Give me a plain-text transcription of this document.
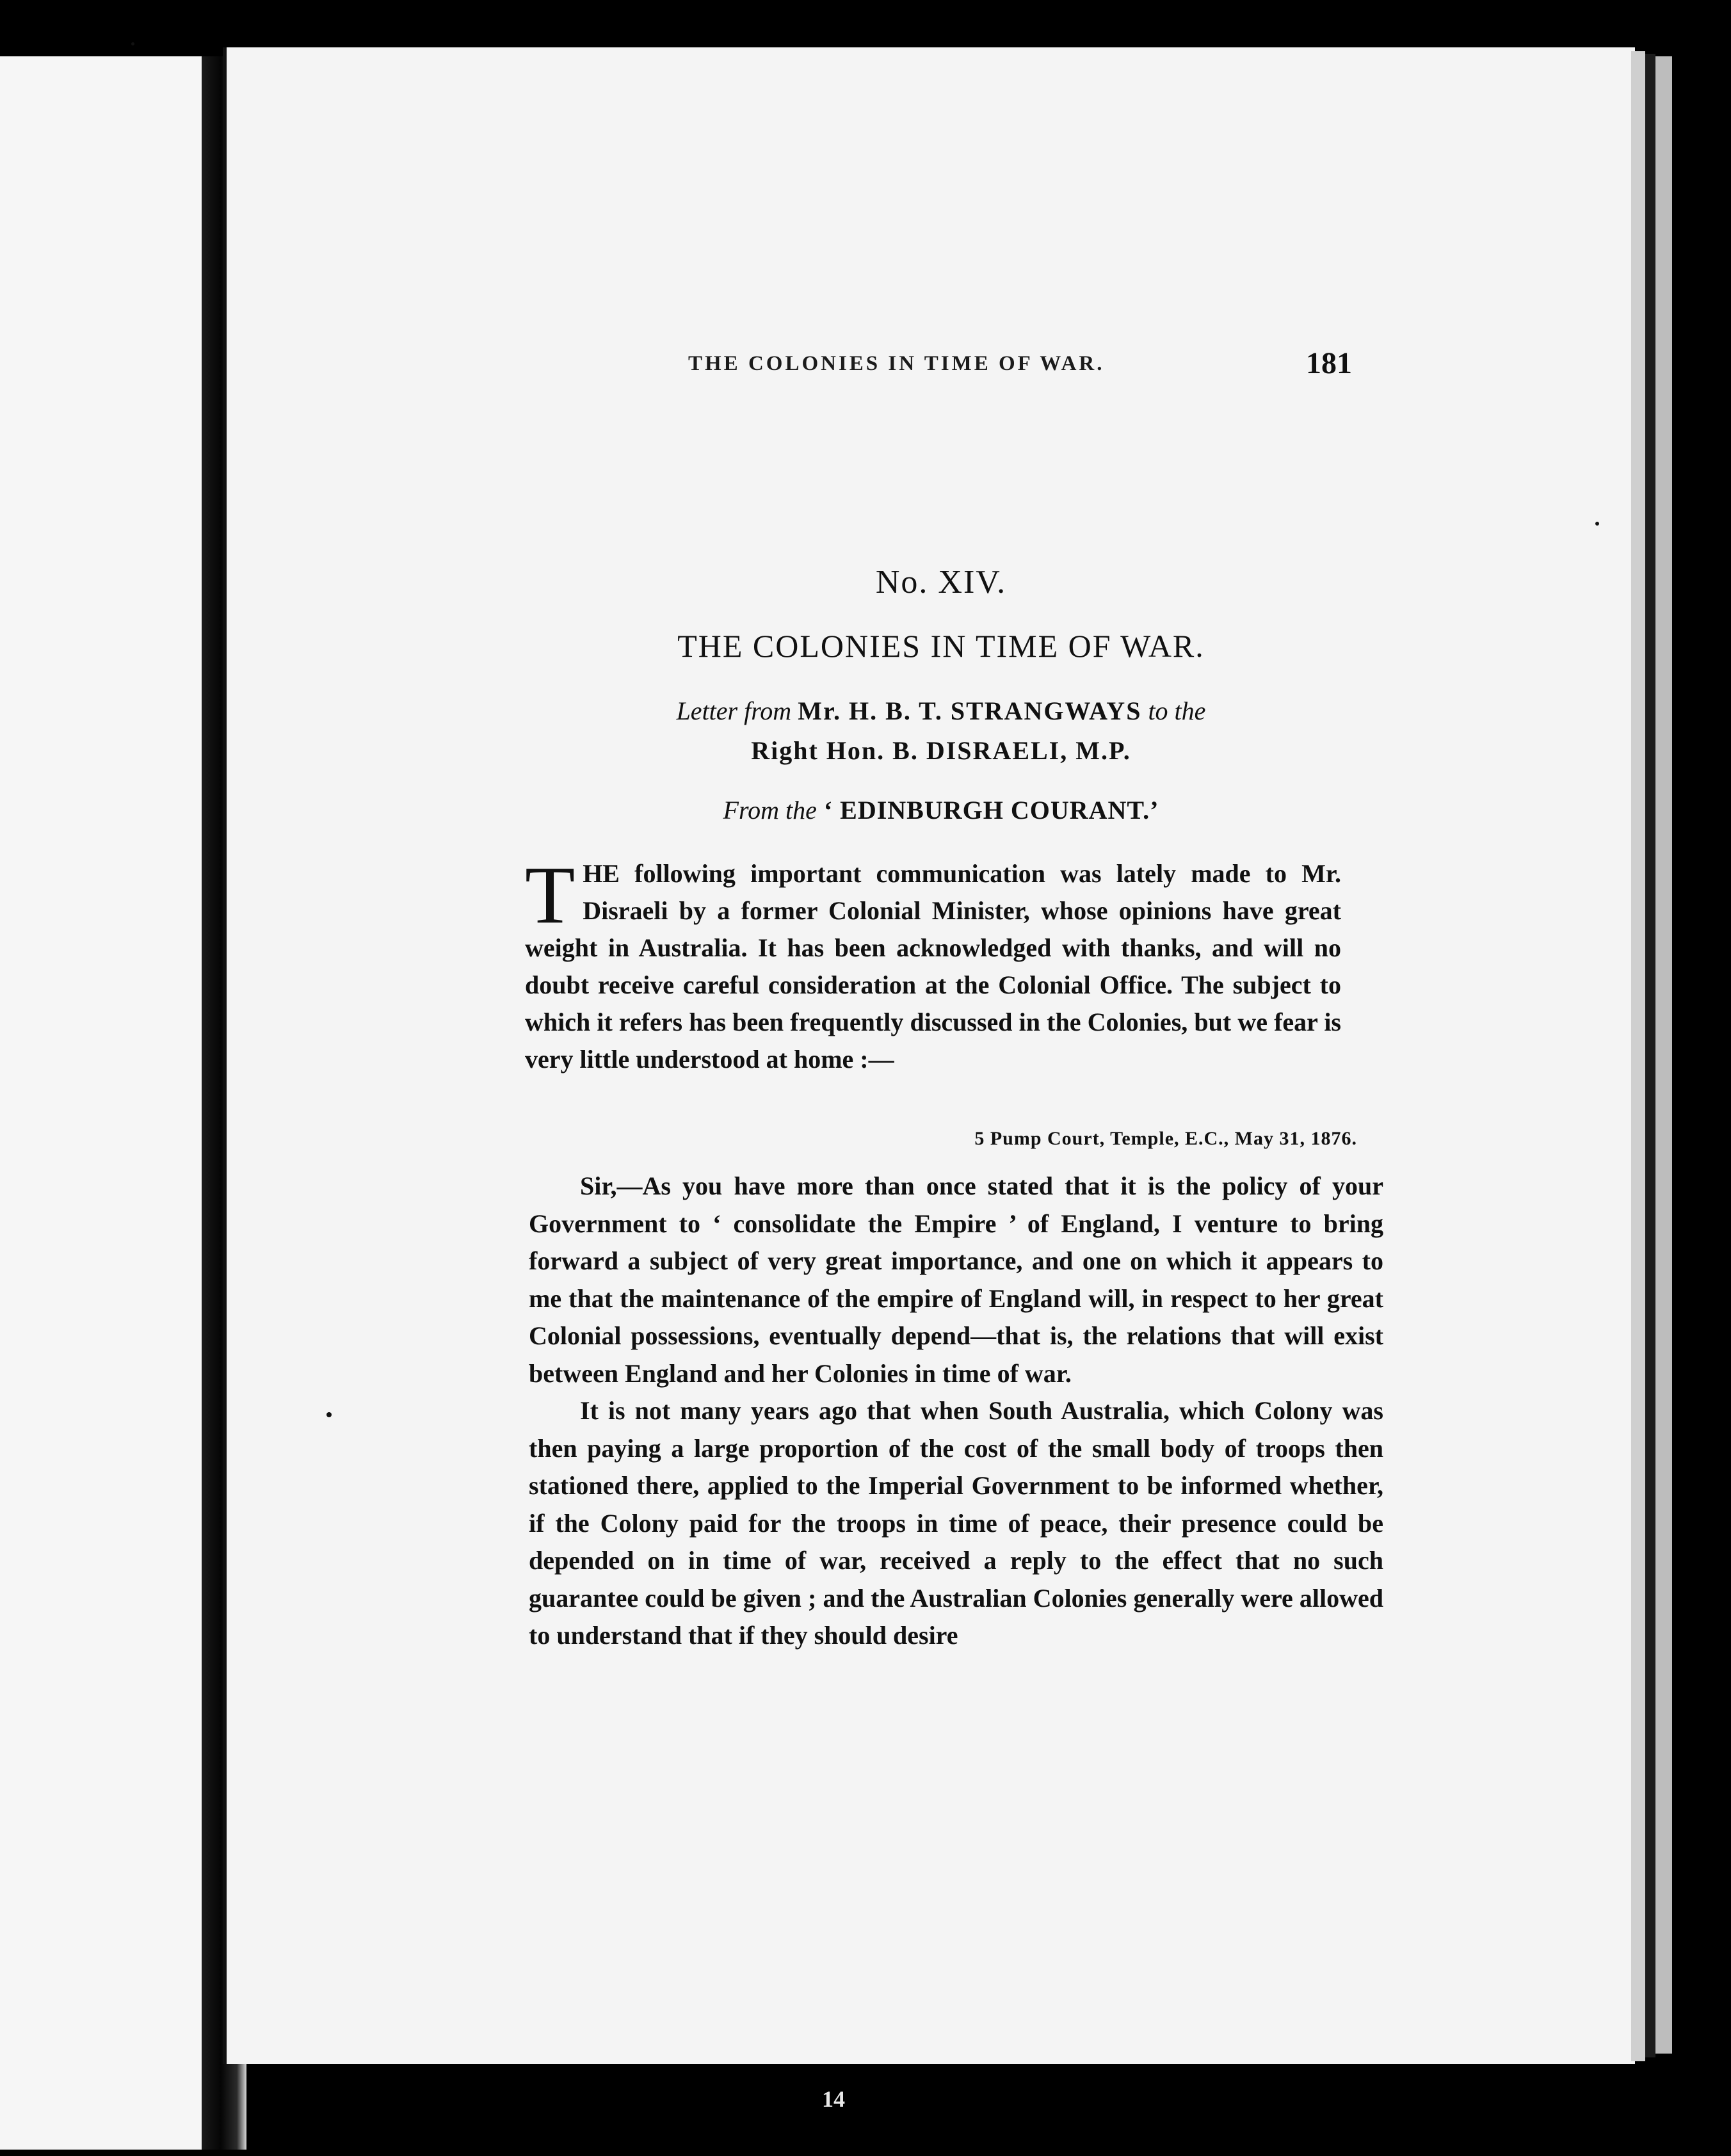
THE COLONIES IN TIME OF WAR.	181
No. XIV.
THE COLONIES IN TIME OF WAR.
Letter from Mr. H. B. T. STRANGWAYS to the
Right Hon. B. DISRAELI, M.P.
From the ‘ EDINBURGH COURANT.’
T HE following important communication was lately made to Mr. Disraeli by a former Colonial Minister, whose opinions have great weight in Australia. It has been acknowledged with thanks, and will no doubt receive careful consideration at the Colonial Office. The subject to which it refers has been frequently discussed in the Colonies, but we fear is very little understood at home :—
5 Pump Court, Temple, E.C., May 31, 1876.

Sir,—As you have more than once stated that it is the policy of your Government to ‘ consolidate the Empire ’ of England, I venture to bring forward a subject of very great importance, and one on which it appears to me that the maintenance of the empire of England will, in respect to her great Colonial possessions, eventually depend—that is, the relations that will exist between England and her Colonies in time of war.

It is not many years ago that when South Australia, which Colony was then paying a large proportion of the cost of the small body of troops then stationed there, applied to the Imperial Government to be informed whether, if the Colony paid for the troops in time of peace, their presence could be depended on in time of war, received a reply to the effect that no such guarantee could be given ; and the Australian Colonies generally were allowed to understand that if they should desire

14
